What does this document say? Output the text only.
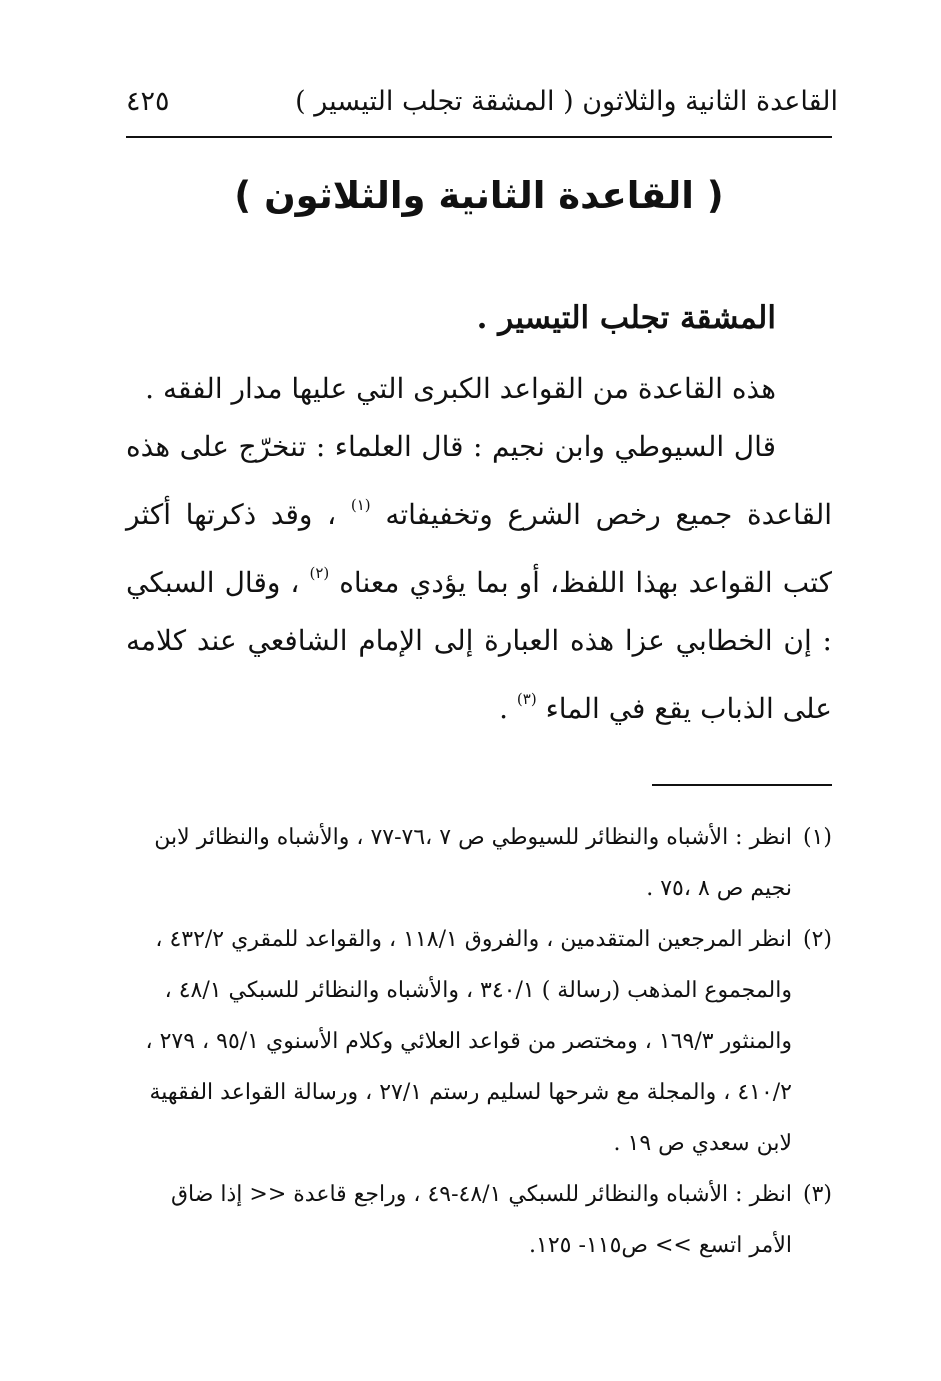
القاعدة الثانية والثلاثون ( المشقة تجلب التيسير )
٤٢٥
( القاعدة الثانية والثلاثون )
المشقة تجلب التيسير .

هذه القاعدة من القواعد الكبرى التي عليها مدار الفقه .

قال السيوطي وابن نجيم : قال العلماء : تنخرّج على هذه القاعدة جميع رخص الشرع وتخفيفاته $^{(١)}$ ، وقد ذكرتها أكثر كتب القواعد بهذا اللفظ، أو بما يؤدي معناه $^{(٢)}$ ، وقال السبكي : إن الخطابي عزا هذه العبارة إلى الإمام الشافعي عند كلامه على الذباب يقع في الماء $^{(٣)}$ .

(١)انظر : الأشباه والنظائر للسيوطي ص ٧ ،٧٦-٧٧ ، والأشباه والنظائر لابن
نجيم ص ٨ ،٧٥ .
(٢)انظر المرجعين المتقدمين ، والفروق ١١٨/١ ، والقواعد للمقري ٤٣٢/٢ ،
والمجموع المذهب (رسالة ) ٣٤٠/١ ، والأشباه والنظائر للسبكي ٤٨/١ ، والمنثور ١٦٩/٣ ، ومختصر من قواعد العلائي وكلام الأسنوي ٩٥/١ ، ٢٧٩ ، ٤١٠/٢ ، والمجلة مع شرحها لسليم رستم ٢٧/١ ، ورسالة القواعد الفقهية لابن سعدي ص ١٩ .
(٣)انظر : الأشباه والنظائر للسبكي ٤٨/١-٤٩ ، وراجع قاعدة << إذا ضاق
الأمر اتسع >> ص١١٥- ١٢٥.
